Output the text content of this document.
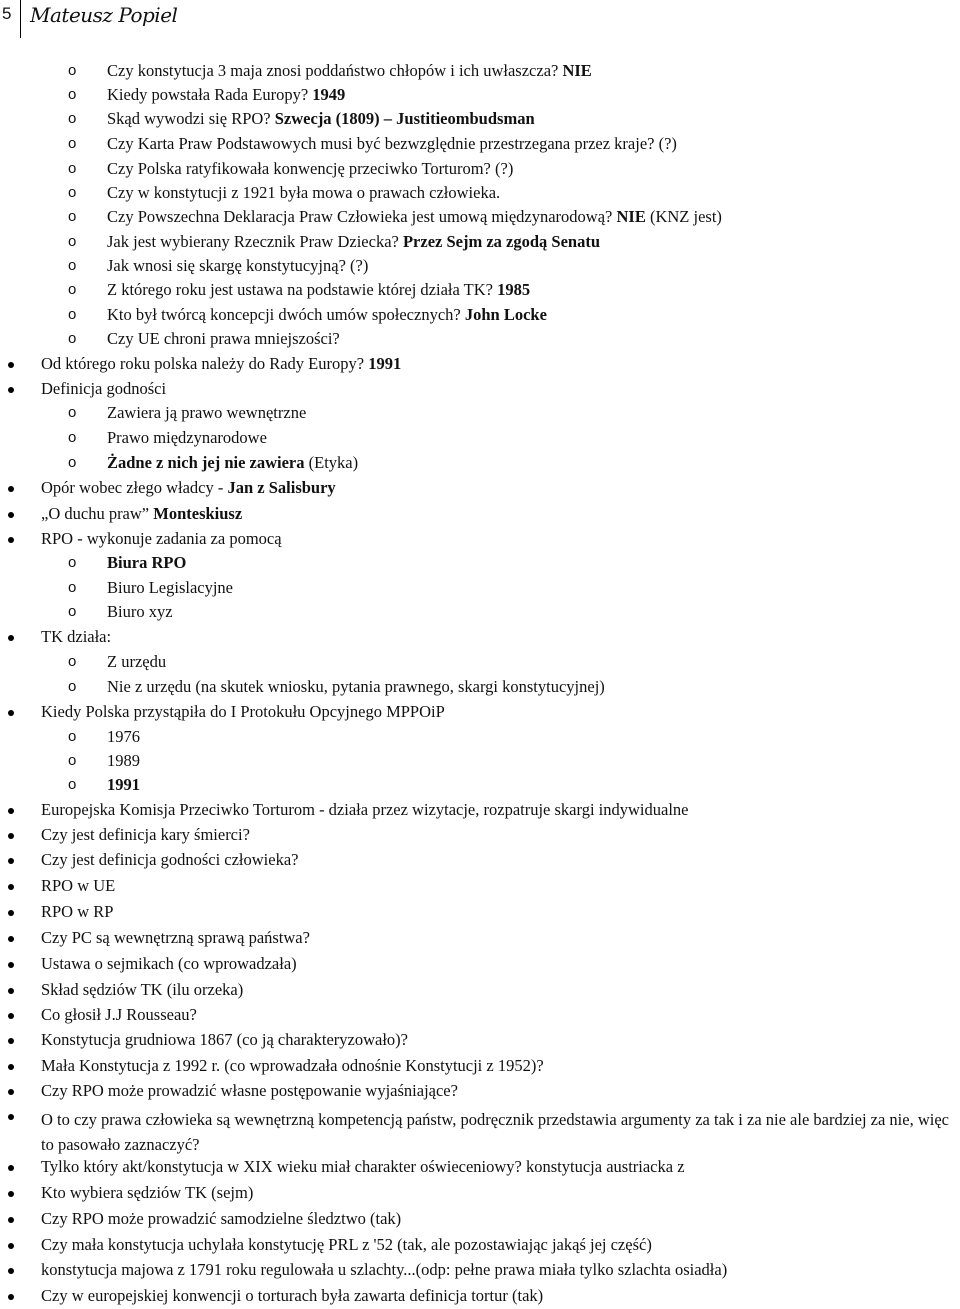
5 Mateusz Popiel
o Czy konstytucja 3 maja znosi poddaństwo chłopów i ich uwłaszcza? NIE
o Kiedy powstała Rada Europy? 1949
o Skąd wywodzi się RPO? Szwecja (1809) – Justitieombudsman
o Czy Karta Praw Podstawowych musi być bezwzględnie przestrzegana przez kraje? (?)
o Czy Polska ratyfikowała konwencję przeciwko Torturom? (?)
o Czy w konstytucji z 1921 była mowa o prawach człowieka.
o Czy Powszechna Deklaracja Praw Człowieka jest umową międzynarodową? NIE (KNZ jest)
o Jak jest wybierany Rzecznik Praw Dziecka? Przez Sejm za zgodą Senatu
o Jak wnosi się skargę konstytucyjną? (?)
o Z którego roku jest ustawa na podstawie której działa TK? 1985
o Kto był twórcą koncepcji dwóch umów społecznych? John Locke
o Czy UE chroni prawa mniejszości?
Od którego roku polska należy do Rady Europy? 1991
Definicja godności
o Zawiera ją prawo wewnętrzne
o Prawo międzynarodowe
o Żadne z nich jej nie zawiera (Etyka)
Opór wobec złego władcy - Jan z Salisbury
„O duchu praw” Monteskiusz
RPO - wykonuje zadania za pomocą
o Biura RPO
o Biuro Legislacyjne
o Biuro xyz
TK działa:
o Z urzędu
o Nie z urzędu (na skutek wniosku, pytania prawnego, skargi konstytucyjnej)
Kiedy Polska przystąpiła do I Protokułu Opcyjnego MPPOiP
o 1976
o 1989
o 1991
Europejska Komisja Przeciwko Torturom - działa przez wizytacje, rozpatruje skargi indywidualne
Czy jest definicja kary śmierci?
Czy jest definicja godności człowieka?
RPO w UE
RPO w RP
Czy PC są wewnętrzną sprawą państwa?
Ustawa o sejmikach (co wprowadzała)
Skład sędziów TK (ilu orzeka)
Co głosił J.J Rousseau?
Konstytucja grudniowa 1867 (co ją charakteryzowało)?
Mała Konstytucja z 1992 r. (co wprowadzała odnośnie Konstytucji z 1952)?
Czy RPO może prowadzić własne postępowanie wyjaśniające?
O to czy prawa człowieka są wewnętrzną kompetencją państw, podręcznik przedstawia argumenty za tak i za nie ale bardziej za nie, więc to pasowało zaznaczyć?
Tylko który akt/konstytucja w XIX wieku miał charakter oświeceniowy? konstytucja austriacka z
Kto wybiera sędziów TK (sejm)
Czy RPO może prowadzić samodzielne śledztwo (tak)
Czy mała konstytucja uchylała konstytucję PRL z '52 (tak, ale pozostawiając jakąś jej część)
konstytucja majowa z 1791 roku regulowała u szlachty...(odp: pełne prawa miała tylko szlachta osiadła)
Czy w europejskiej konwencji o torturach była zawarta definicja tortur (tak)
